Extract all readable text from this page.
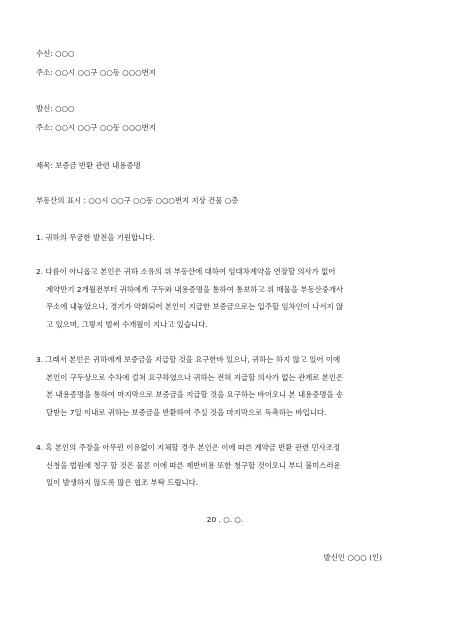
수신: ○○○
주소: ○○시 ○○구 ○○동 ○○○번지
발신: ○○○
주소: ○○시 ○○구 ○○동 ○○○번지
제목: 보증금 반환 관련 내용증명
부동산의 표시 : ○○시 ○○구 ○○동 ○○○번지 지상 건물 ○층
1. 귀하의 무궁한 발전을 기원합니다.
2. 다름이 아니옵고 본인은 귀하 소유의 위 부동산에 대하여 임대차계약을 연장할 의사가 없어
계약만기 2개월전부터 귀하에게 구두와 내용증명을 통하여 통보하고 위 매물을 부동산중개사
무소에 내놓았으나, 경기가 악화되어 본인이 지급한 보증금으로는 입주할 임차인이 나서지 않
고 있으며, 그렇지 벌써 수개월이 지나고 있습니다.
3. 그래서 본인은 귀하에게 보증금을 지급할 것을 요구한바 있으나, 귀하는 하지 않고 있어 이에
본인이 구두상으로 수차에 걸쳐 요구하였으나 귀하는 전혀 지급할 의사가 없는 관계로 본인은
본 내용증명을 통하여 마지막으로 보증금을 지급할 것을 요구하는 바이오니 본 내용증명을 송
달받는 7일 이내로 귀하는 보증금을 반환하여 주실 것을 마지막으로 독촉하는 바입니다.
4. 혹 본인의 주장을 아무런 이유없이 지체할 경우 본인은 이에 따른 계약금 반환 관련 민사조정
신청을 법원에 청구 할 것은 물론 이에 따른 제반비용 또한 청구할 것이오니 부디 불미스러운
일이 발생하지 않도록 많은 협조 부탁 드립니다.
20 . ○. ○.
발신인 ○○○ (인)
